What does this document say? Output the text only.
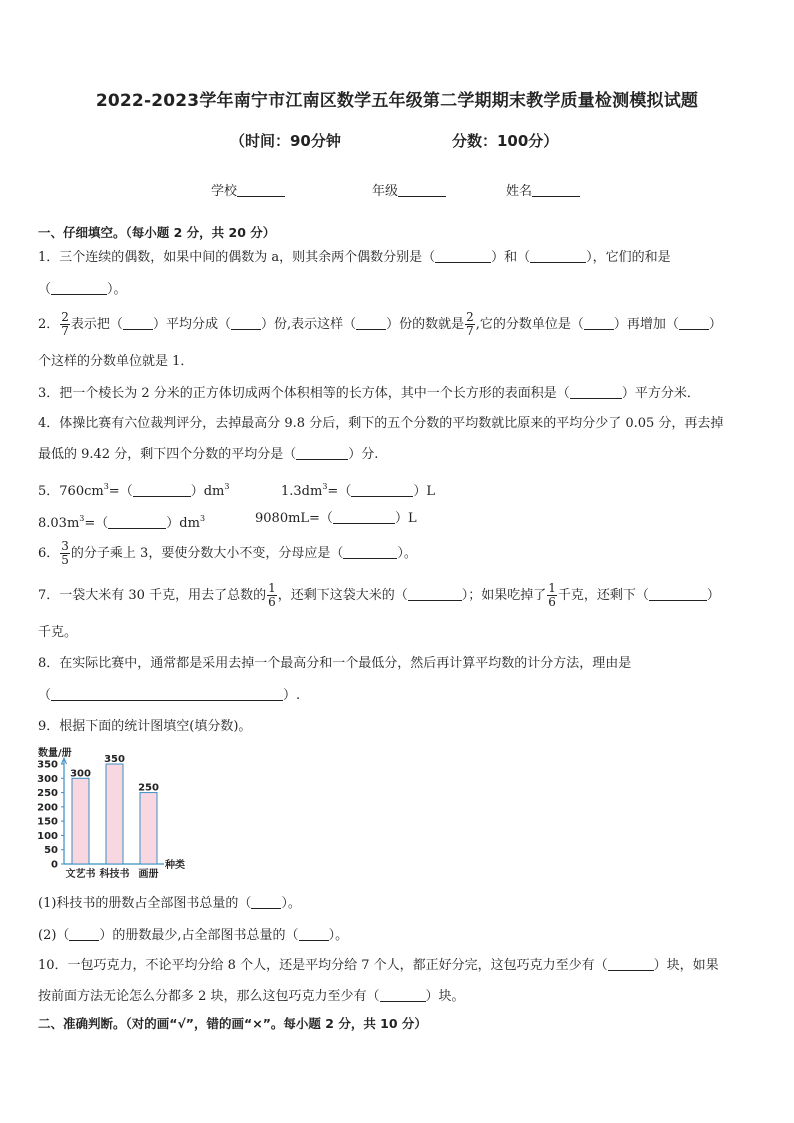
2022-2023学年南宁市江南区数学五年级第二学期期末教学质量检测模拟试题
（时间：90分钟	分数：100分）
学校	年级	姓名
一、仔细填空。（每小题 2 分，共 20 分）
1．三个连续的偶数，如果中间的偶数为 a，则其余两个偶数分别是（	）和（	），它们的和是
（	）。
2． $\frac{2}{7}$ 表示把（ ）平均分成（ ）份,表示这样（ ）份的数就是 $\frac{2}{7}$ ,它的分数单位是（ ）再增加（ ）
个这样的分数单位就是 1．
3．把一个棱长为 2 分米的正方体切成两个体积相等的长方体，其中一个长方形的表面积是（	）平方分米．
4．体操比赛有六位裁判评分，去掉最高分 9.8 分后，剩下的五个分数的平均数就比原来的平均分少了 0.05 分，再去掉
最低的 9.42 分，剩下四个分数的平均分是（	）分.
5．$760cm^3=$（	）$dm^3$	$1.3dm^3=$（	）L
$8.03m^3=$（	）$dm^3$	9080mL=（	）L
6． $\frac{3}{5}$ 的分子乘上 3，要使分数大小不变，分母应是（	）。
7．一袋大米有 30 千克，用去了总数的 $\frac{1}{6}$ ，还剩下这袋大米的（	）；如果吃掉了 $\frac{1}{6}$ 千克，还剩下（	）
千克。
8．在实际比赛中，通常都是采用去掉一个最高分和一个最低分，然后再计算平均数的计分方法，理由是
（	）.
9．根据下面的统计图填空(填分数)。
数量/册
0
50
100
150
200
250
300
350
种类
300
文艺书
350
科技书
250
画册
(1)科技书的册数占全部图书总量的（ ）。
(2)（ ）的册数最少,占全部图书总量的（ ）。
10．一包巧克力，不论平均分给 8 个人，还是平均分给 7 个人，都正好分完，这包巧克力至少有（	）块，如果
按前面方法无论怎么分都多 2 块，那么这包巧克力至少有（	）块。
二、准确判断。（对的画“√”，错的画“×”。每小题 2 分，共 10 分）
